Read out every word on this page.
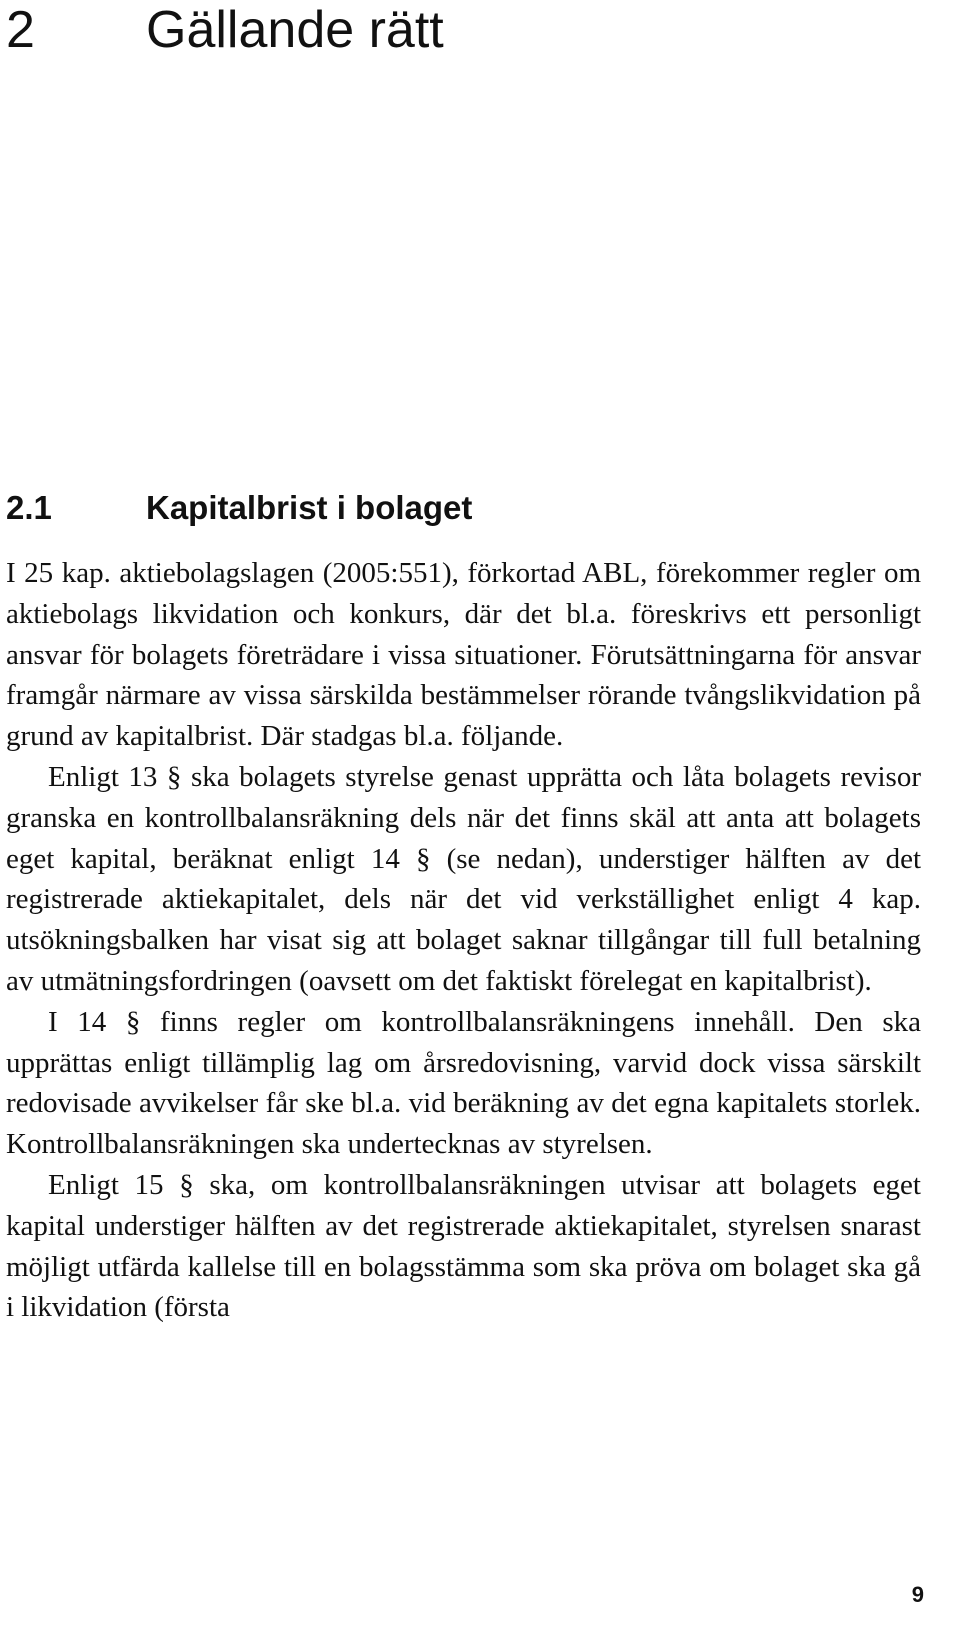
2 Gällande rätt
2.1	Kapitalbrist i bolaget

I 25 kap. aktiebolagslagen (2005:551), förkortad ABL, förekommer regler om aktiebolags likvidation och konkurs, där det bl.a. föreskrivs ett personligt ansvar för bolagets företrädare i vissa situationer. Förutsättningarna för ansvar framgår närmare av vissa särskilda bestämmelser rörande tvångslikvidation på grund av kapitalbrist. Där stadgas bl.a. följande.

Enligt 13 § ska bolagets styrelse genast upprätta och låta bolagets revisor granska en kontrollbalansräkning dels när det finns skäl att anta att bolagets eget kapital, beräknat enligt 14 § (se nedan), understiger hälften av det registrerade aktiekapitalet, dels när det vid verkställighet enligt 4 kap. utsökningsbalken har visat sig att bolaget saknar tillgångar till full betalning av utmätningsfordringen (oavsett om det faktiskt förelegat en kapitalbrist).

I 14 § finns regler om kontrollbalansräkningens innehåll. Den ska upprättas enligt tillämplig lag om årsredovisning, varvid dock vissa särskilt redovisade avvikelser får ske bl.a. vid beräkning av det egna kapitalets storlek. Kontrollbalansräkningen ska undertecknas av styrelsen.

Enligt 15 § ska, om kontrollbalansräkningen utvisar att bolagets eget kapital understiger hälften av det registrerade aktiekapitalet, styrelsen snarast möjligt utfärda kallelse till en bolagsstämma som ska pröva om bolaget ska gå i likvidation (första

9
